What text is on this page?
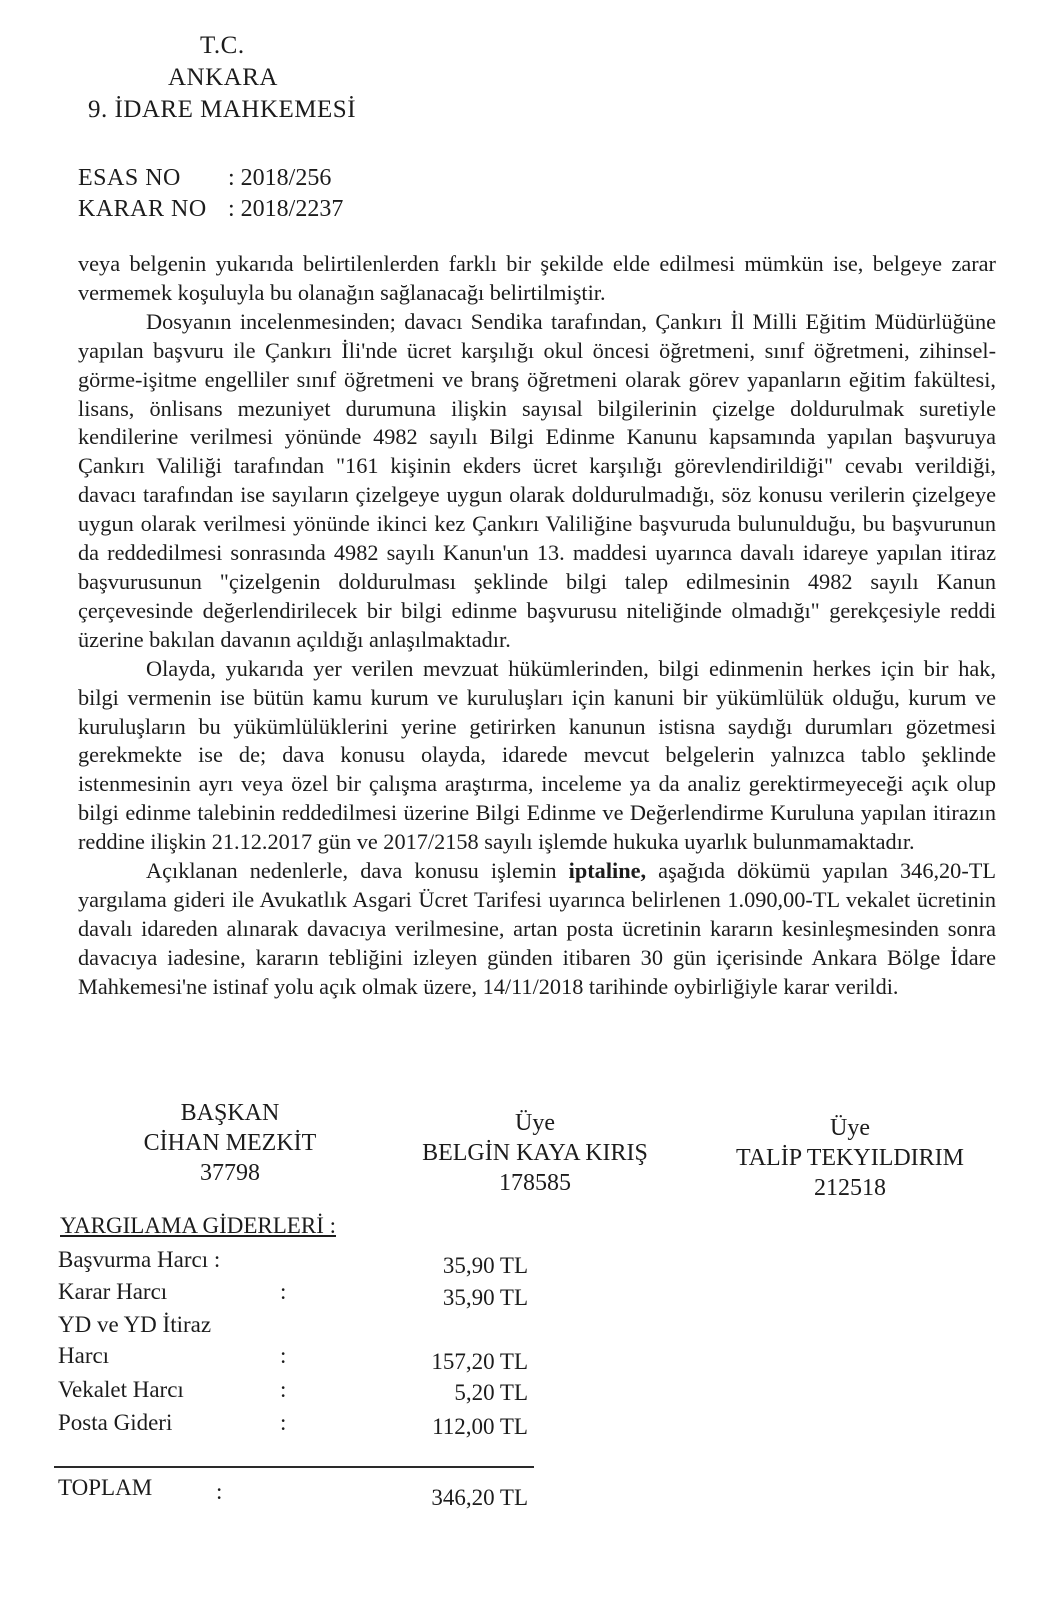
T.C.
ANKARA
9. İDARE MAHKEMESİ
ESAS NO : 2018/256
KARAR NO : 2018/2237

veya belgenin yukarıda belirtilenlerden farklı bir şekilde elde edilmesi mümkün ise, belgeye zarar vermemek koşuluyla bu olanağın sağlanacağı belirtilmiştir.

Dosyanın incelenmesinden; davacı Sendika tarafından, Çankırı İl Milli Eğitim Müdürlüğüne yapılan başvuru ile Çankırı İli'nde ücret karşılığı okul öncesi öğretmeni, sınıf öğretmeni, zihinsel-görme-işitme engelliler sınıf öğretmeni ve branş öğretmeni olarak görev yapanların eğitim fakültesi, lisans, önlisans mezuniyet durumuna ilişkin sayısal bilgilerinin çizelge doldurulmak suretiyle kendilerine verilmesi yönünde 4982 sayılı Bilgi Edinme Kanunu kapsamında yapılan başvuruya Çankırı Valiliği tarafından "161 kişinin ekders ücret karşılığı görevlendirildiği" cevabı verildiği, davacı tarafından ise sayıların çizelgeye uygun olarak doldurulmadığı, söz konusu verilerin çizelgeye uygun olarak verilmesi yönünde ikinci kez Çankırı Valiliğine başvuruda bulunulduğu, bu başvurunun da reddedilmesi sonrasında 4982 sayılı Kanun'un 13. maddesi uyarınca davalı idareye yapılan itiraz başvurusunun "çizelgenin doldurulması şeklinde bilgi talep edilmesinin 4982 sayılı Kanun çerçevesinde değerlendirilecek bir bilgi edinme başvurusu niteliğinde olmadığı" gerekçesiyle reddi üzerine bakılan davanın açıldığı anlaşılmaktadır.

Olayda, yukarıda yer verilen mevzuat hükümlerinden, bilgi edinmenin herkes için bir hak, bilgi vermenin ise bütün kamu kurum ve kuruluşları için kanuni bir yükümlülük olduğu, kurum ve kuruluşların bu yükümlülüklerini yerine getirirken kanunun istisna saydığı durumları gözetmesi gerekmekte ise de; dava konusu olayda, idarede mevcut belgelerin yalnızca tablo şeklinde istenmesinin ayrı veya özel bir çalışma araştırma, inceleme ya da analiz gerektirmeyeceği açık olup bilgi edinme talebinin reddedilmesi üzerine Bilgi Edinme ve Değerlendirme Kuruluna yapılan itirazın reddine ilişkin 21.12.2017 gün ve 2017/2158 sayılı işlemde hukuka uyarlık bulunmamaktadır.

Açıklanan nedenlerle, dava konusu işlemin iptaline, aşağıda dökümü yapılan 346,20-TL yargılama gideri ile Avukatlık Asgari Ücret Tarifesi uyarınca belirlenen 1.090,00-TL vekalet ücretinin davalı idareden alınarak davacıya verilmesine, artan posta ücretinin kararın kesinleşmesinden sonra davacıya iadesine, kararın tebliğini izleyen günden itibaren 30 gün içerisinde Ankara Bölge İdare Mahkemesi'ne istinaf yolu açık olmak üzere, 14/11/2018 tarihinde oybirliğiyle karar verildi.

BAŞKAN
CİHAN MEZKİT
37798
Üye
BELGİN KAYA KIRIŞ
178585
Üye
TALİP TEKYILDIRIM
212518
YARGILAMA GİDERLERİ :
Başvurma Harcı :	35,90 TL
Karar Harcı	:	35,90 TL
YD ve YD İtiraz
Harcı	:	157,20 TL
Vekalet Harcı	:	5,20 TL
Posta Gideri	:	112,00 TL
TOPLAM	:	346,20 TL
